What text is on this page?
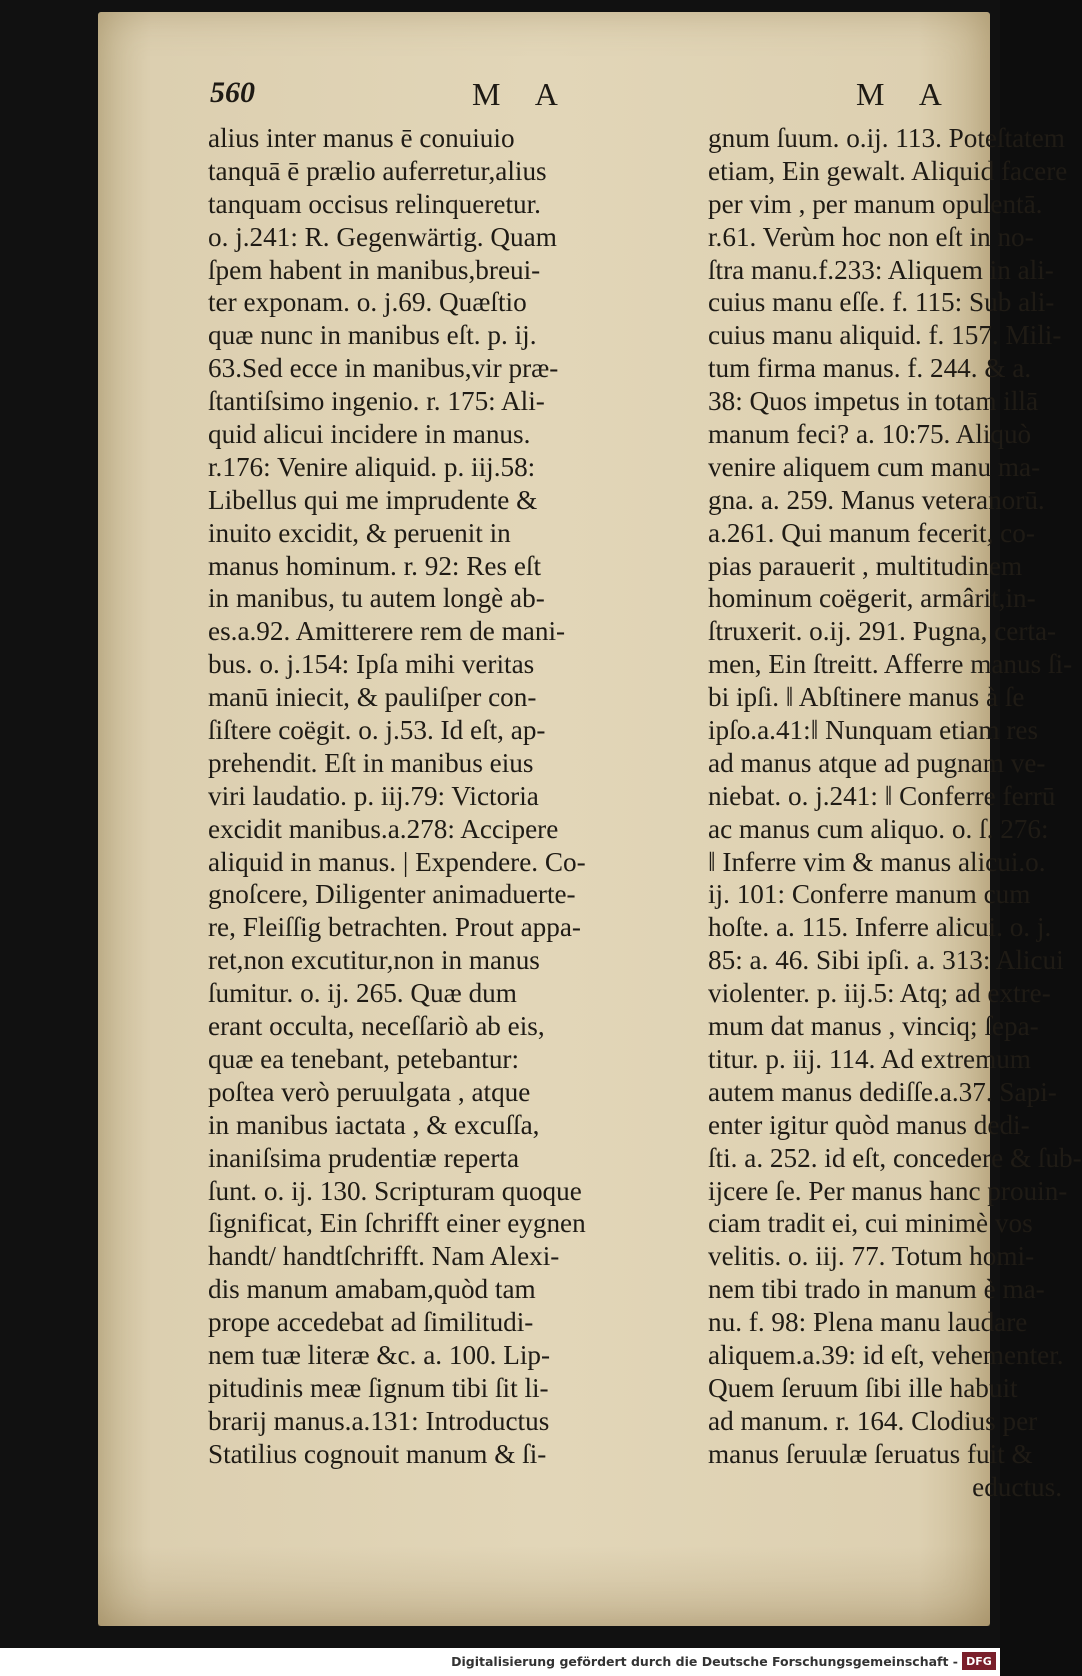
560	M A	M A
alius inter manus ē conuiuio
tanquā ē prælio auferretur,alius
tanquam occisus relinqueretur.
o. j.241: R. Gegenwärtig. Quam
ſpem habent in manibus,breui-
ter exponam. o. j.69. Quæſtio
quæ nunc in manibus eſt. p. ij.
63.Sed ecce in manibus,vir præ-
ſtantiſsimo ingenio. r. 175: Ali-
quid alicui incidere in manus.
r.176: Venire aliquid. p. iij.58:
Libellus qui me imprudente &
inuito excidit, & peruenit in
manus hominum. r. 92: Res eſt
in manibus, tu autem longè ab-
es.a.92. Amitterere rem de mani-
bus. o. j.154: Ipſa mihi veritas
manū iniecit, & pauliſper con-
ſiſtere coëgit. o. j.53. Id eſt, ap-
prehendit. Eſt in manibus eius
viri laudatio. p. iij.79: Victoria
excidit manibus.a.278: Accipere
aliquid in manus. | Expendere. Co-
gnoſcere, Diligenter animaduerte-
re, Fleiſſig betrachten. Prout appa-
ret,non excutitur,non in manus
ſumitur. o. ij. 265. Quæ dum
erant occulta, neceſſariò ab eis,
quæ ea tenebant, petebantur:
poſtea verò peruulgata , atque
in manibus iactata , & excuſſa,
inaniſsima prudentiæ reperta
ſunt. o. ij. 130. Scripturam quoque
ſignificat, Ein ſchrifft einer eygnen
handt/ handtſchrifft. Nam Alexi-
dis manum amabam,quòd tam
prope accedebat ad ſimilitudi-
nem tuæ literæ &c. a. 100. Lip-
pitudinis meæ ſignum tibi ſit li-
brarij manus.a.131: Introductus
Statilius cognouit manum & ſi-
gnum ſuum. o.ij. 113. Poteſtatem
etiam, Ein gewalt. Aliquid facere
per vim , per manum opulentā.
r.61. Verùm hoc non eſt in no-
ſtra manu.f.233: Aliquem in ali-
cuius manu eſſe. f. 115: Sub ali-
cuius manu aliquid. f. 157. Mili-
tum firma manus. f. 244. & a.
38: Quos impetus in totam illā
manum feci? a. 10:75. Aliquò
venire aliquem cum manu ma-
gna. a. 259. Manus veteranorū.
a.261. Qui manum fecerit, co-
pias parauerit , multitudinem
hominum coëgerit, armârit,in-
ſtruxerit. o.ij. 291. Pugna, certa-
men, Ein ſtreitt. Afferre manus ſi-
bi ipſi. ǁ Abſtinere manus à ſe
ipſo.a.41:ǁ Nunquam etiam res
ad manus atque ad pugnam ve-
niebat. o. j.241: ǁ Conferre ferrū
ac manus cum aliquo. o. ſ. 276:
ǁ Inferre vim & manus alicui.o.
ij. 101: Conferre manum cum
hoſte. a. 115. Inferre alicui. o. j.
85: a. 46. Sibi ipſi. a. 313: Alicui
violenter. p. iij.5: Atq; ad extre-
mum dat manus , vinciq; ſepa-
titur. p. iij. 114. Ad extremum
autem manus dediſſe.a.37. Sapi-
enter igitur quòd manus dedi-
ſti. a. 252. id eſt, concedere & ſub-
ijcere ſe. Per manus hanc prouin-
ciam tradit ei, cui minimè vos
velitis. o. iij. 77. Totum homi-
nem tibi trado in manum è ma-
nu. f. 98: Plena manu laudare
aliquem.a.39: id eſt, vehementer.
Quem ſeruum ſibi ille habuit
ad manum. r. 164. Clodius per
manus ſeruulæ ſeruatus fuit &
eductus.
Digitalisierung gefördert durch die Deutsche Forschungsgemeinschaft - DFG
